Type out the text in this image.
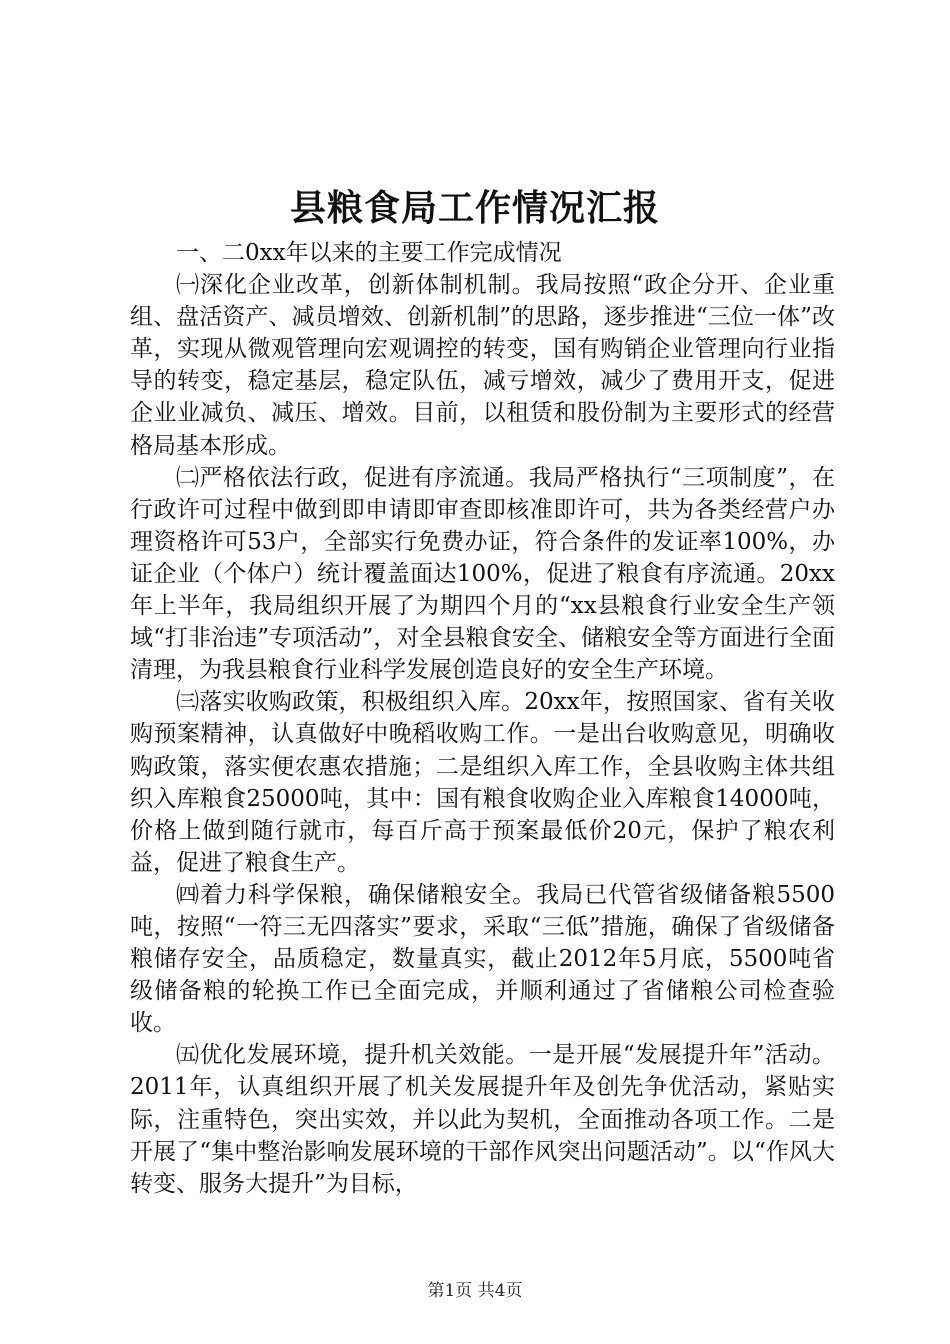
县粮食局工作情况汇报

一、二0xx年以来的主要工作完成情况

㈠深化企业改革，创新体制机制。我局按照“政企分开、企业重组、盘活资产、减员增效、创新机制”的思路，逐步推进“三位一体”改革，实现从微观管理向宏观调控的转变，国有购销企业管理向行业指导的转变，稳定基层，稳定队伍，减亏增效，减少了费用开支，促进企业业减负、减压、增效。目前，以租赁和股份制为主要形式的经营格局基本形成。

㈡严格依法行政，促进有序流通。我局严格执行“三项制度”，在行政许可过程中做到即申请即审查即核准即许可，共为各类经营户办理资格许可53户，全部实行免费办证，符合条件的发证率100%，办证企业（个体户）统计覆盖面达100%，促进了粮食有序流通。20xx年上半年，我局组织开展了为期四个月的“xx县粮食行业安全生产领域“打非治违”专项活动”，对全县粮食安全、储粮安全等方面进行全面清理，为我县粮食行业科学发展创造良好的安全生产环境。

㈢落实收购政策，积极组织入库。20xx年，按照国家、省有关收购预案精神，认真做好中晚稻收购工作。一是出台收购意见，明确收购政策，落实便农惠农措施；二是组织入库工作，全县收购主体共组织入库粮食25000吨，其中：国有粮食收购企业入库粮食14000吨，价格上做到随行就市，每百斤高于预案最低价20元，保护了粮农利益，促进了粮食生产。

㈣着力科学保粮，确保储粮安全。我局已代管省级储备粮5500吨，按照“一符三无四落实”要求，采取“三低”措施，确保了省级储备粮储存安全，品质稳定，数量真实，截止2012年5月底，5500吨省级储备粮的轮换工作已全面完成，并顺利通过了省储粮公司检查验收。

㈤优化发展环境，提升机关效能。一是开展“发展提升年”活动。2011年，认真组织开展了机关发展提升年及创先争优活动，紧贴实际，注重特色，突出实效，并以此为契机，全面推动各项工作。二是开展了“集中整治影响发展环境的干部作风突出问题活动”。以“作风大转变、服务大提升”为目标，

第1页 共4页
